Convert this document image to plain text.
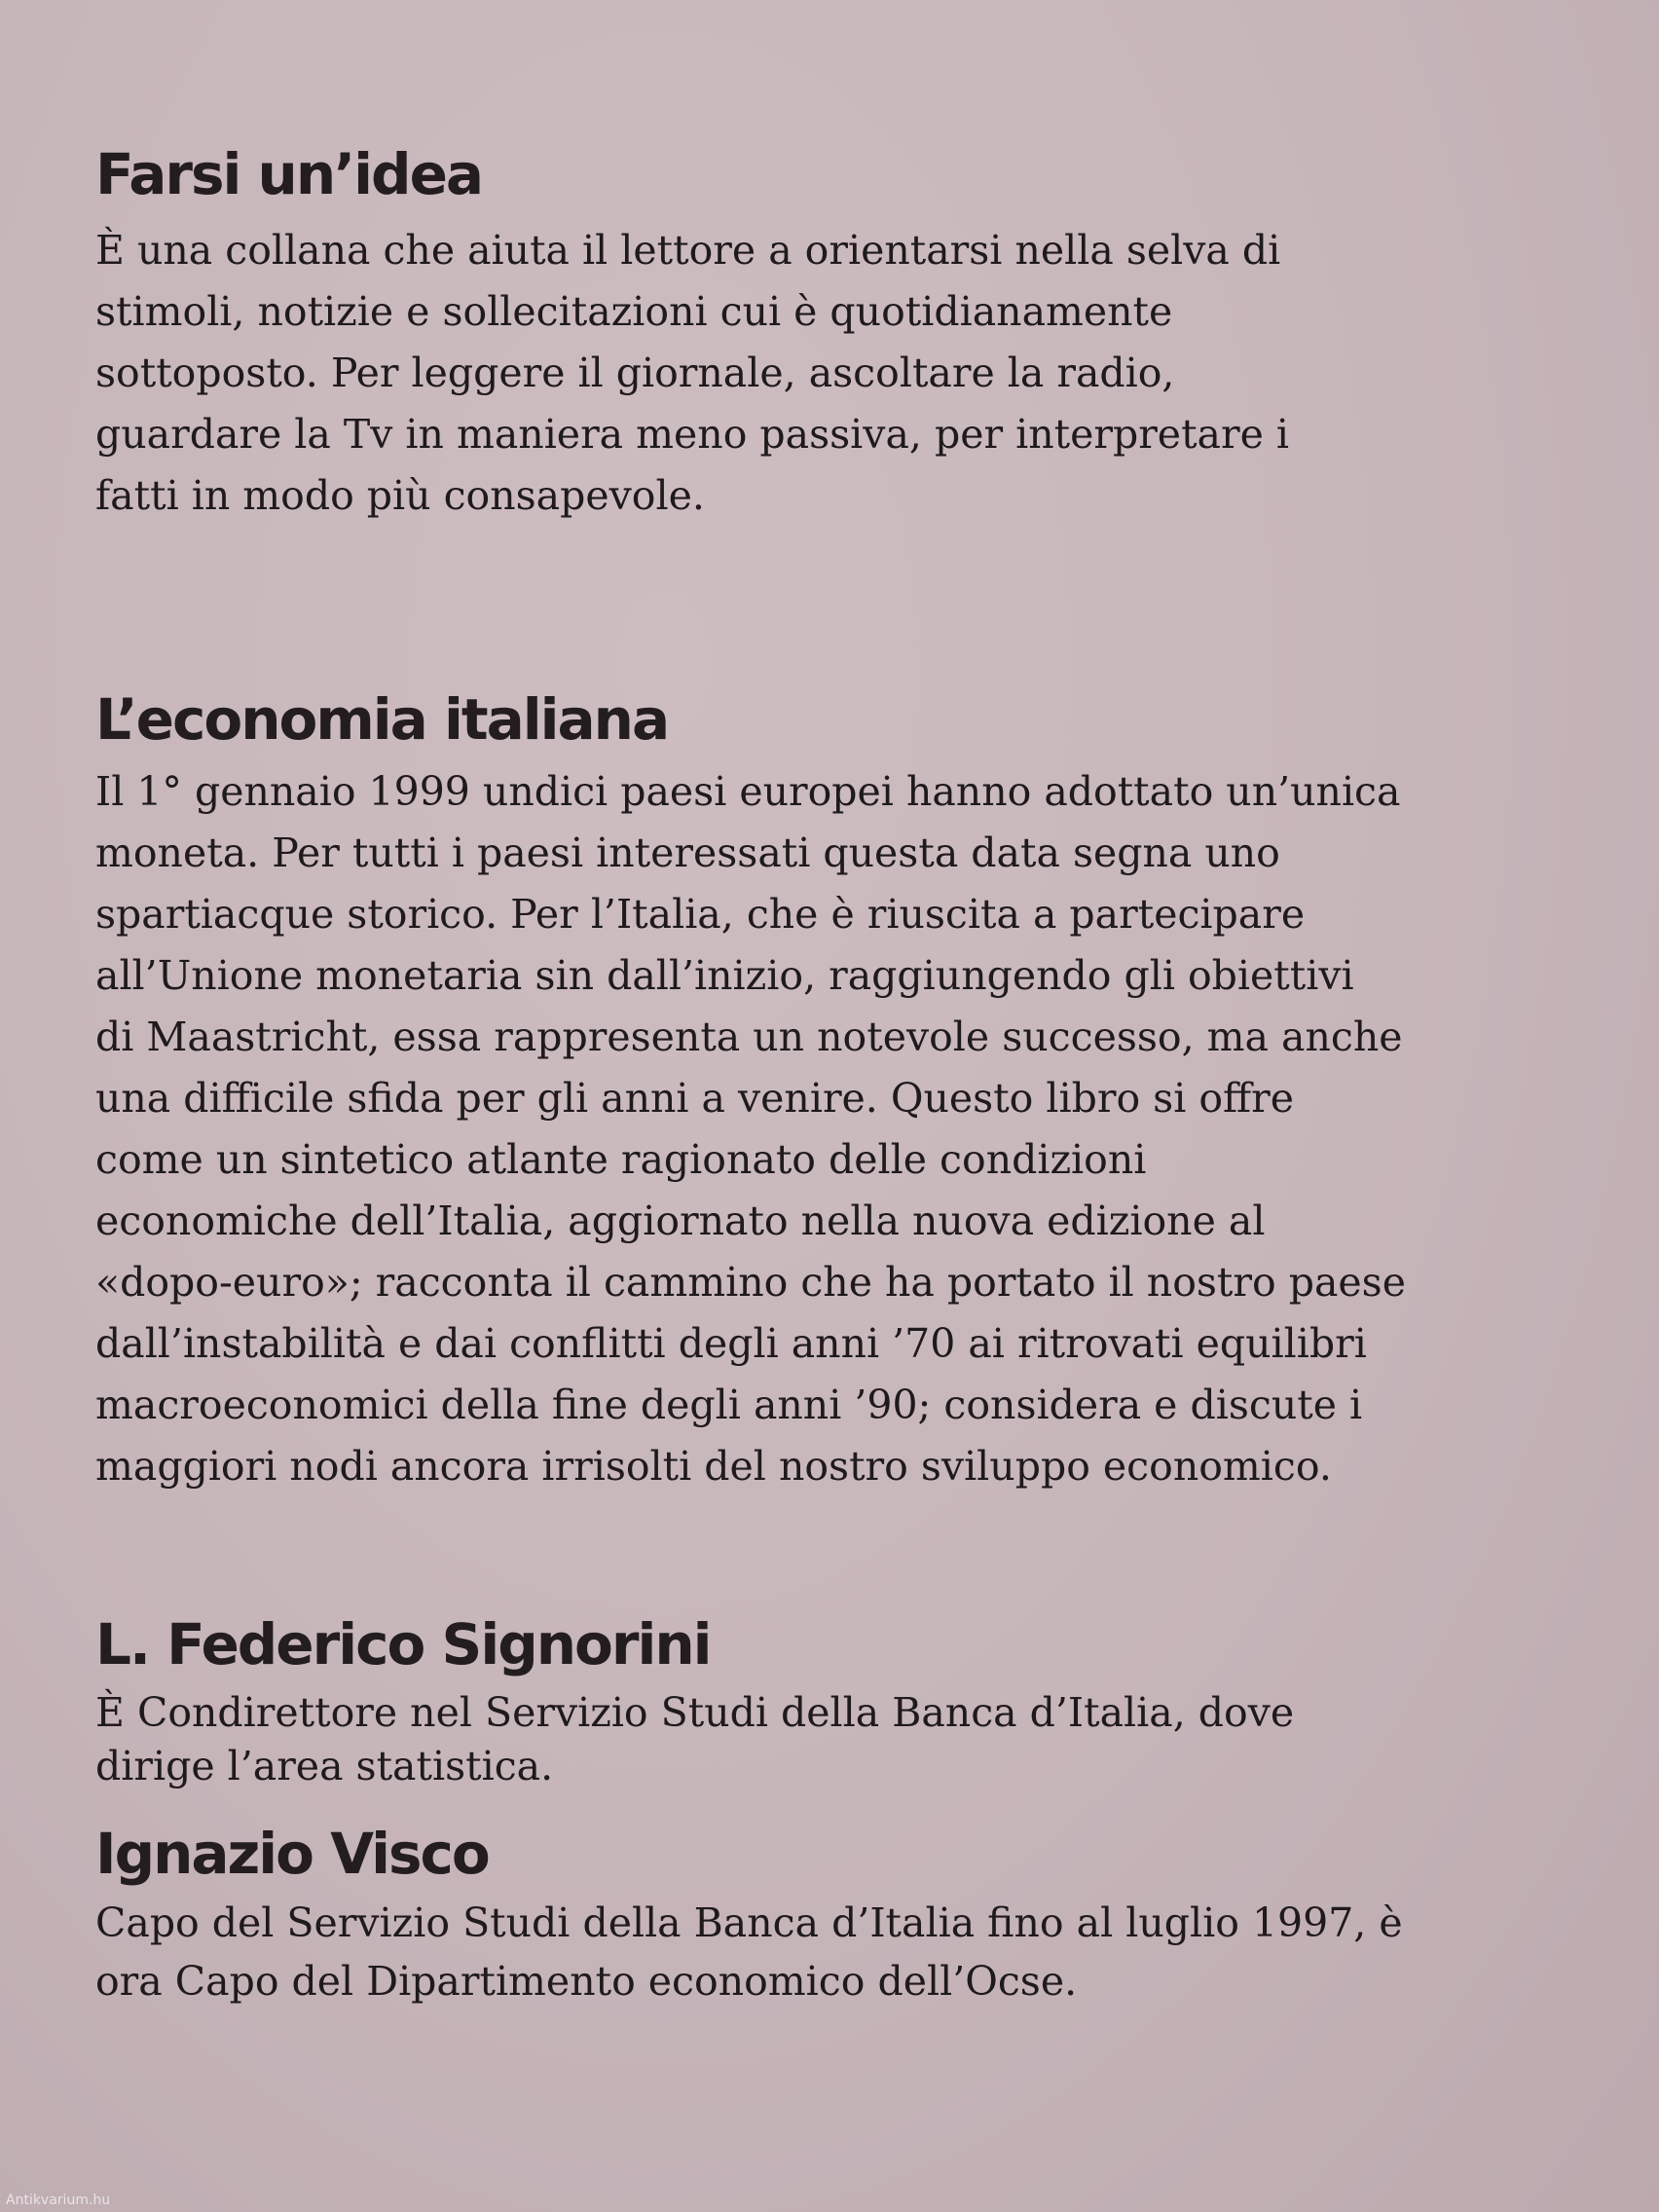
Farsi un’idea

È una collana che aiuta il lettore a orientarsi nella selva di
stimoli, notizie e sollecitazioni cui è quotidianamente
sottoposto. Per leggere il giornale, ascoltare la radio,
guardare la Tv in maniera meno passiva, per interpretare i
fatti in modo più consapevole.

L’economia italiana

Il 1° gennaio 1999 undici paesi europei hanno adottato un’unica
moneta. Per tutti i paesi interessati questa data segna uno
spartiacque storico. Per l’Italia, che è riuscita a partecipare
all’Unione monetaria sin dall’inizio, raggiungendo gli obiettivi
di Maastricht, essa rappresenta un notevole successo, ma anche
una difficile sfida per gli anni a venire. Questo libro si offre
come un sintetico atlante ragionato delle condizioni
economiche dell’Italia, aggiornato nella nuova edizione al
«dopo-euro»; racconta il cammino che ha portato il nostro paese
dall’instabilità e dai conflitti degli anni ’70 ai ritrovati equilibri
macroeconomici della fine degli anni ’90; considera e discute i
maggiori nodi ancora irrisolti del nostro sviluppo economico.

L. Federico Signorini

È Condirettore nel Servizio Studi della Banca d’Italia, dove
dirige l’area statistica.

Ignazio Visco

Capo del Servizio Studi della Banca d’Italia fino al luglio 1997, è
ora Capo del Dipartimento economico dell’Ocse.

Antikvarium.hu
